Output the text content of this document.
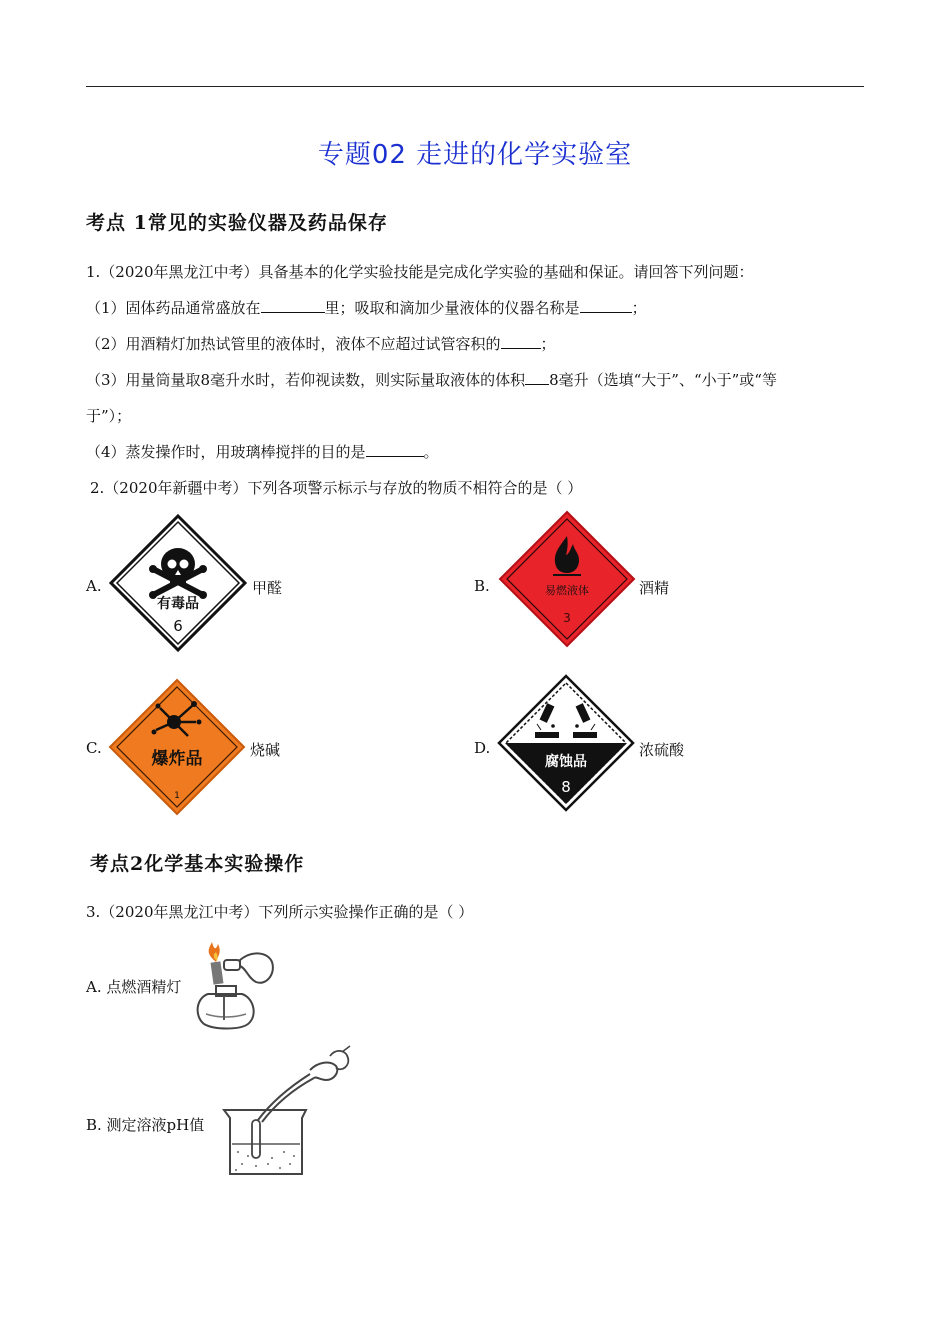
专题02 走进的化学实验室
考点 1常见的实验仪器及药品保存
1.（2020年黑龙江中考）具备基本的化学实验技能是完成化学实验的基础和保证。请回答下列问题：
（1）固体药品通常盛放在	里；吸取和滴加少量液体的仪器名称是	；
（2）用酒精灯加热试管里的液体时，液体不应超过试管容积的	；
（3）用量筒量取8毫升水时，若仰视读数，则实际量取液体的体积 8毫升（选填“大于”、“小于”或“等
于”）；
（4）蒸发操作时，用玻璃棒搅拌的目的是	。
2.（2020年新疆中考）下列各项警示标示与存放的物质不相符合的是（ ）
A.
有毒品
6
甲醛	B.	易燃液体
3
酒精
C.
爆炸品
1
烧碱	D.
腐蚀品
8
浓硫酸
考点2化学基本实验操作
3.（2020年黑龙江中考）下列所示实验操作正确的是（ ）
A. 点燃酒精灯
B. 测定溶液pH值
